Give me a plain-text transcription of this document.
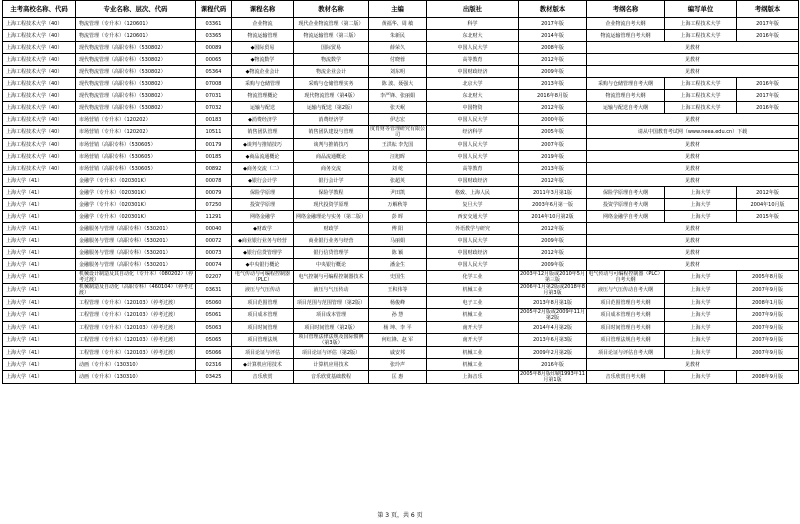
主考高校名称、代码	专业名称、层次、代码	课程代码	课程名称	教材名称	主编	出版社	教材版本	考纲名称	编写单位	考纲版本
上海工程技术大学（40）	物流管理（专升本）（120601）	03361	企业物流	现代企业物流管理（第二版）	黄福华、周 敏	科学	2017年版	企业物流自考大纲	上海工程技术大学	2017年版
上海工程技术大学（40）	物流管理（专升本）（120601）	03365	物流运输管理	物流运输管理（第三版）	朱新民	东北财大	2014年版	物流运输管理自考大纲	上海工程技术大学	2016年版
上海工程技术大学（40）	现代物流管理（高职专科）（530802）	00089	◆国际贸易	国际贸易	薛荣久	中国人民大学	2008年版	见教材		
上海工程技术大学（40）	现代物流管理（高职专科）（530802）	00065	◆物流数学	物流数学	付晓蓉	高等教育	2012年版	见教材		
上海工程技术大学（40）	现代物流管理（高职专科）（530802）	05364	◆物流企业会计	物流企业会计	刘东明	中国财政经济	2009年版	见教材		
上海工程技术大学（40）	现代物流管理（高职专科）（530802）	07008	采购与仓储管理	采购与仓储管理实务	陈 波、聂强大	北京大学	2013年版	采购与仓储管理自考大纲	上海工程技术大学	2016年版
上海工程技术大学（40）	现代物流管理（高职专科）（530802）	07031	物流管理概论	现代物流管理（第4版）	李严锋、张丽娟	东北财大	2016年8月版	物流管理自考大纲	上海工程技术大学	2017年版
上海工程技术大学（40）	现代物流管理（高职专科）（530802）	07032	运输与配送	运输与配送（第2版）	张天岷	中国物资	2012年版	运输与配送自考大纲	上海工程技术大学	2016年版
上海工程技术大学（40）	市场营销（专升本）（120202）	00183	◆消费经济学	消费经济学	伊志宏	中国人民大学	2000年版	见教材		
上海工程技术大学（40）	市场营销（专升本）（120202）	10511	销售团队管理	销售团队建设与管理	度育财等管理研究有限公司	经济科学	2005年版	请从中国教育考试网（www.neea.edu.cn）下载		
上海工程技术大学（40）	市场营销（高职专科）（530605）	00179	◆谈判与推销技巧	谈判与推销技巧	王洪耘 李先国	中国人民大学	2007年版	见教材		
上海工程技术大学（40）	市场营销（高职专科）（530605）	00185	◆商品流通概论	商品流通概论	汪旭晖	中国人民大学	2019年版	见教材		
上海工程技术大学（40）	市场营销（高职专科）（530605）	00892	◆商务交流（二）	商务交流	刘 屹	高等教育	2013年版	见教材		
上海大学（41）	金融学（专升本）（020301K）	00078	◆银行会计学	银行会计学	张超英	中国财政经济	2012年版	见教材		
上海大学（41）	金融学（专升本）（020301K）	00079	保险学原理	保险学教程	尹田凯	格致、上海人民	2011年3月第1版	保险学原理自考大纲	上海大学	2012年版
上海大学（41）	金融学（专升本）（020301K）	07250	投资学原理	现代投资学原理	万解秋等	复旦大学	2003年6月第一版	投资学原理自考大纲	上海大学	2004年10月版
上海大学（41）	金融学（专升本）（020301K）	11291	网络金融学	网络金融理论与实务（第二版）	彭 晖	西安交通大学	2014年10月第2版	网络金融学自考大纲	上海大学	2015年版
上海大学（41）	金融服务与管理（高职专科）（530201）	00040	◆财政学	财政学	傅 阳	外语教学与研究	2012年版	见教材		
上海大学（41）	金融服务与管理（高职专科）（530201）	00072	◆商业银行业务与经营	商业银行业务与经营	马丽娟	中国人民大学	2009年版	见教材		
上海大学（41）	金融服务与管理（高职专科）（530201）	00073	◆银行信贷管理学	银行信贷管理学	陈 颖	中国财政经济	2012年版	见教材		
上海大学（41）	金融服务与管理（高职专科）（530201）	00074	◆中央银行概论	中央银行概论	潘金生	中国人民大学	2009年版	见教材		
上海大学（41）	机械设计制造及其自动化（专升本）（080202）（停考过渡）	02207	电气传动与可编程控制器（PLC）	电气控制与可编程控制器技术	史国生	化学工业	2003年12月版或2010年5月第三版	电气传动与可编程控制器（PLC）自考大纲	上海大学	2005年8月版
上海大学（41）	机械制造及自动化（高职专科）（460104）（停考过渡）	03631	液压与气压传动	液压与气压传动	王积伟等	机械工业	2006年1月第2版或2018年8月第3版	液压与气压传动自考大纲	上海大学	2007年9月版
上海大学（41）	工程管理（专升本）（120103）（停考过渡）	05060	项目范围管理	项目范围与范围管理（第2版）	杨俊峰	电子工业	2013年8月第1版	项目范围管理自考大纲	上海大学	2008年1月版
上海大学（41）	工程管理（专升本）（120103）（停考过渡）	05061	项目成本管理	项目成本管理	孙 慧	机械工业	2005年2月版或2009年11月第2版	项目成本管理自考大纲	上海大学	2007年9月版
上海大学（41）	工程管理（专升本）（120103）（停考过渡）	05063	项目时间管理	项目时间管理（第2版）	杨 坤、李 平	南开大学	2014年4月第2版	项目时间管理自考大纲	上海大学	2007年9月版
上海大学（41）	工程管理（专升本）（120103）（停考过渡）	05065	项目管理法规	项目管理法律法规及国际惯例（第3版）	何红锋、赵 军	南开大学	2013年6月第3版	项目管理法规自考大纲	上海大学	2007年9月版
上海大学（41）	工程管理（专升本）（120103）（停考过渡）	05066	项目论证与评估	项目论证与评估（第2版）	戚安邦	机械工业	2009年2月第2版	项目论证与评估自考大纲	上海大学	2007年9月版
上海大学（41）	动画（专升本）（130310）	02316	◆计算机应用技术	计算机应用技术	张玲声	机械工业	2016年版	见教材		
上海大学（41）	动画（专升本）（130310）	03425	音乐欣赏	音乐欣赏基础教程	匡 惠	上海音乐	2005年8月版印刷1993年11月第1版	音乐欣赏自考大纲	上海大学	2008年9月版
第 3 页，共 6 页
